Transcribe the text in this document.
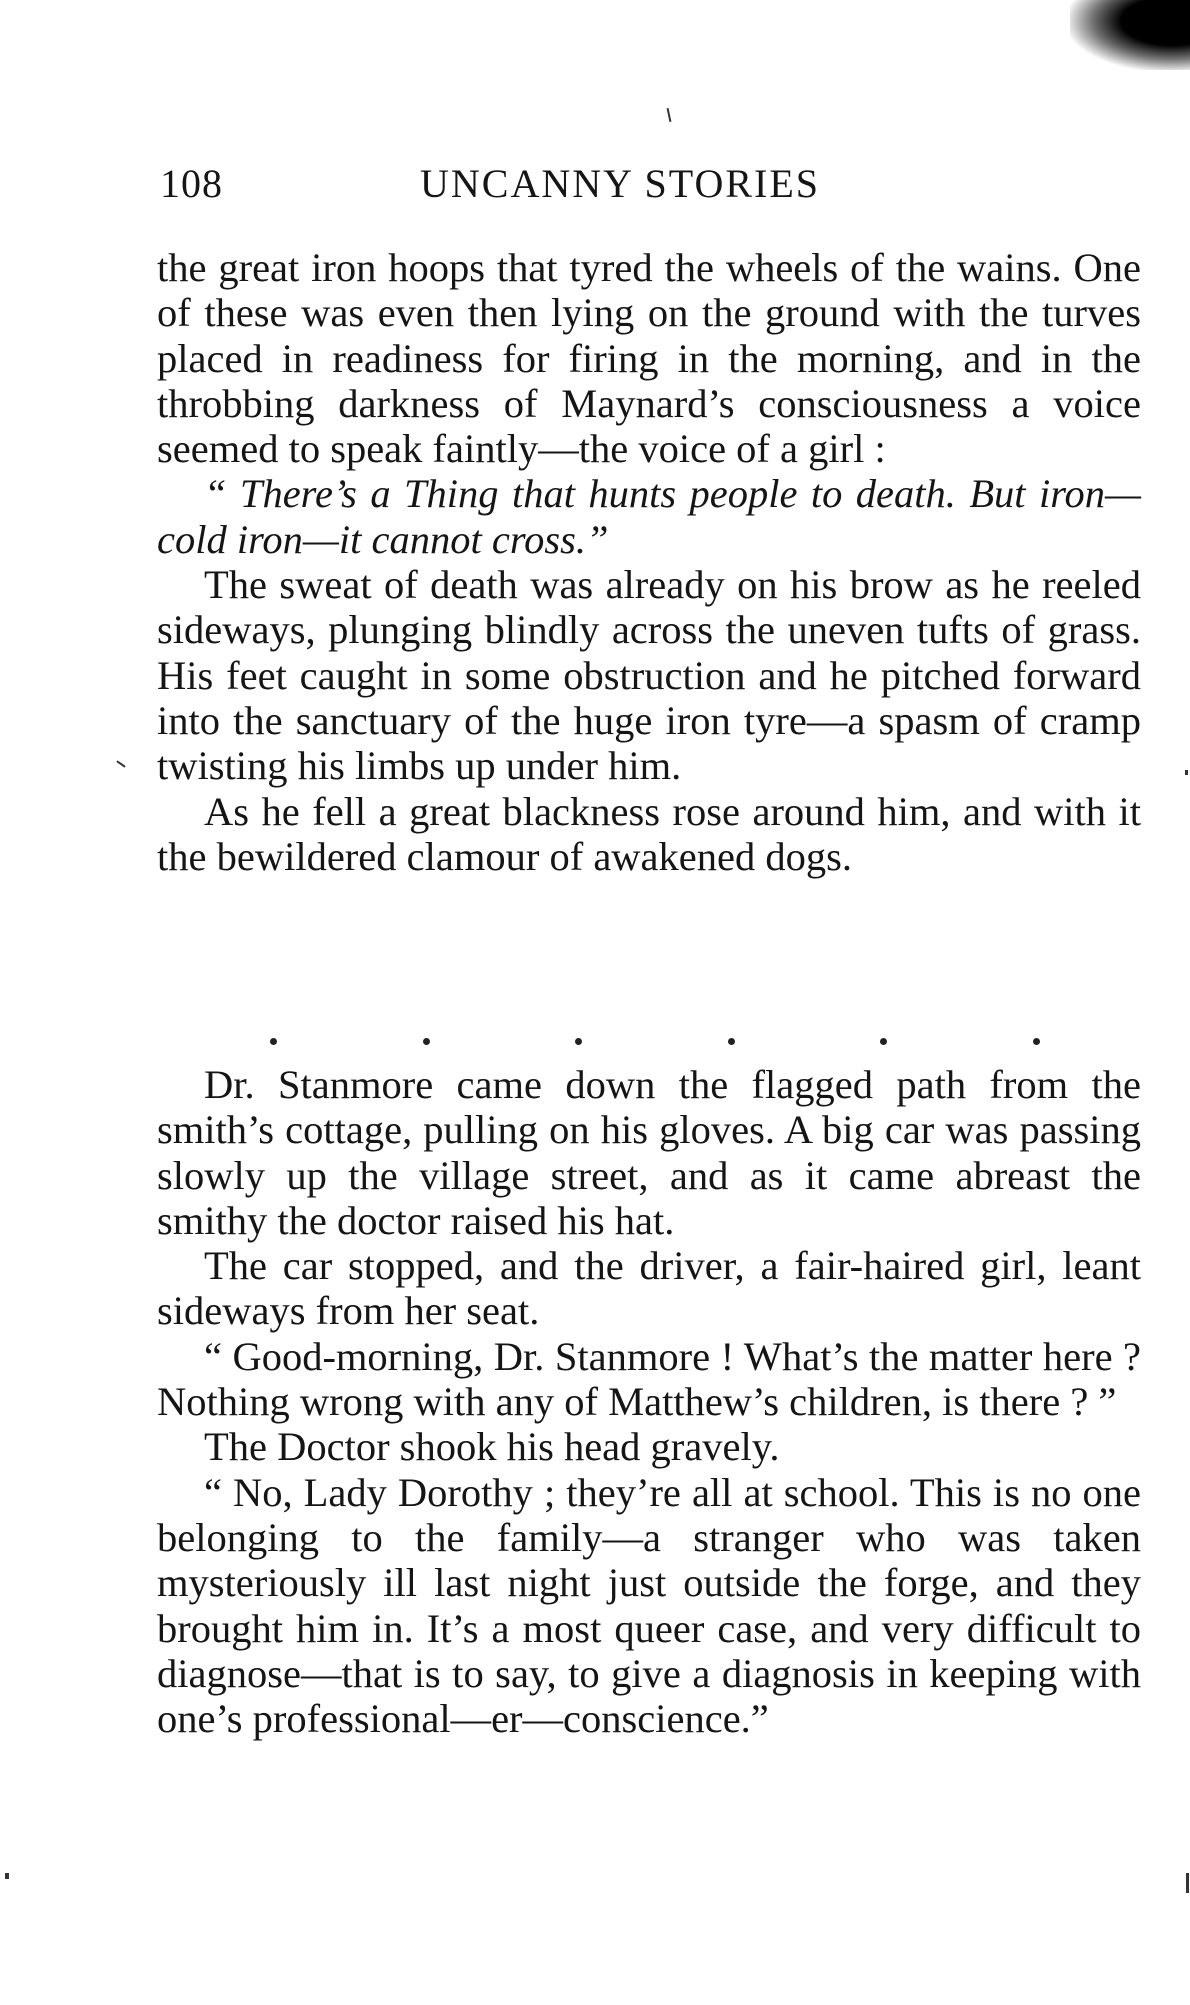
108	UNCANNY STORIES

the great iron hoops that tyred the wheels of the wains. One of these was even then lying on the ground with the turves placed in readiness for firing in the morning, and in the throbbing darkness of Maynard’s consciousness a voice seemed to speak faintly—the voice of a girl :

“ There’s a Thing that hunts people to death. But iron—cold iron—it cannot cross.”

The sweat of death was already on his brow as he reeled sideways, plunging blindly across the uneven tufts of grass. His feet caught in some obstruction and he pitched forward into the sanctuary of the huge iron tyre—a spasm of cramp twisting his limbs up under him.

As he fell a great blackness rose around him, and with it the bewildered clamour of awakened dogs.

Dr. Stanmore came down the flagged path from the smith’s cottage, pulling on his gloves. A big car was passing slowly up the village street, and as it came abreast the smithy the doctor raised his hat.

The car stopped, and the driver, a fair-haired girl, leant sideways from her seat.

“ Good-morning, Dr. Stanmore ! What’s the matter here ? Nothing wrong with any of Matthew’s children, is there ? ”

The Doctor shook his head gravely.

“ No, Lady Dorothy ; they’re all at school. This is no one belonging to the family—a stranger who was taken mysteriously ill last night just outside the forge, and they brought him in. It’s a most queer case, and very difficult to diagnose—that is to say, to give a diagnosis in keeping with one’s professional—er—conscience.”
